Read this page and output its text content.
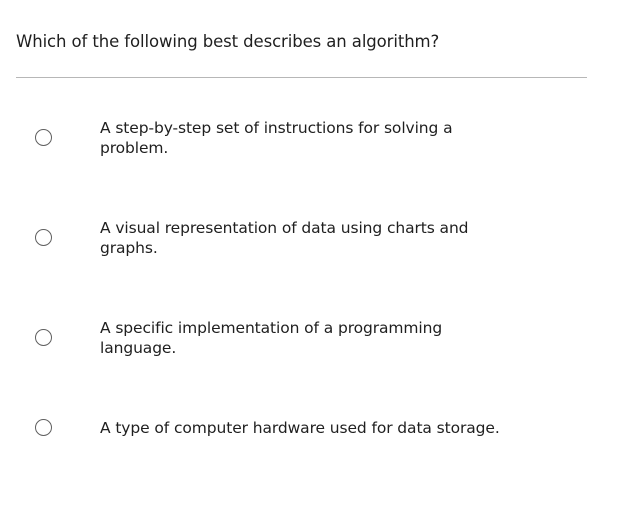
Which of the following best describes an algorithm?
A step-by-step set of instructions for solving a problem.
A visual representation of data using charts and graphs.
A specific implementation of a programming language.
A type of computer hardware used for data storage.
